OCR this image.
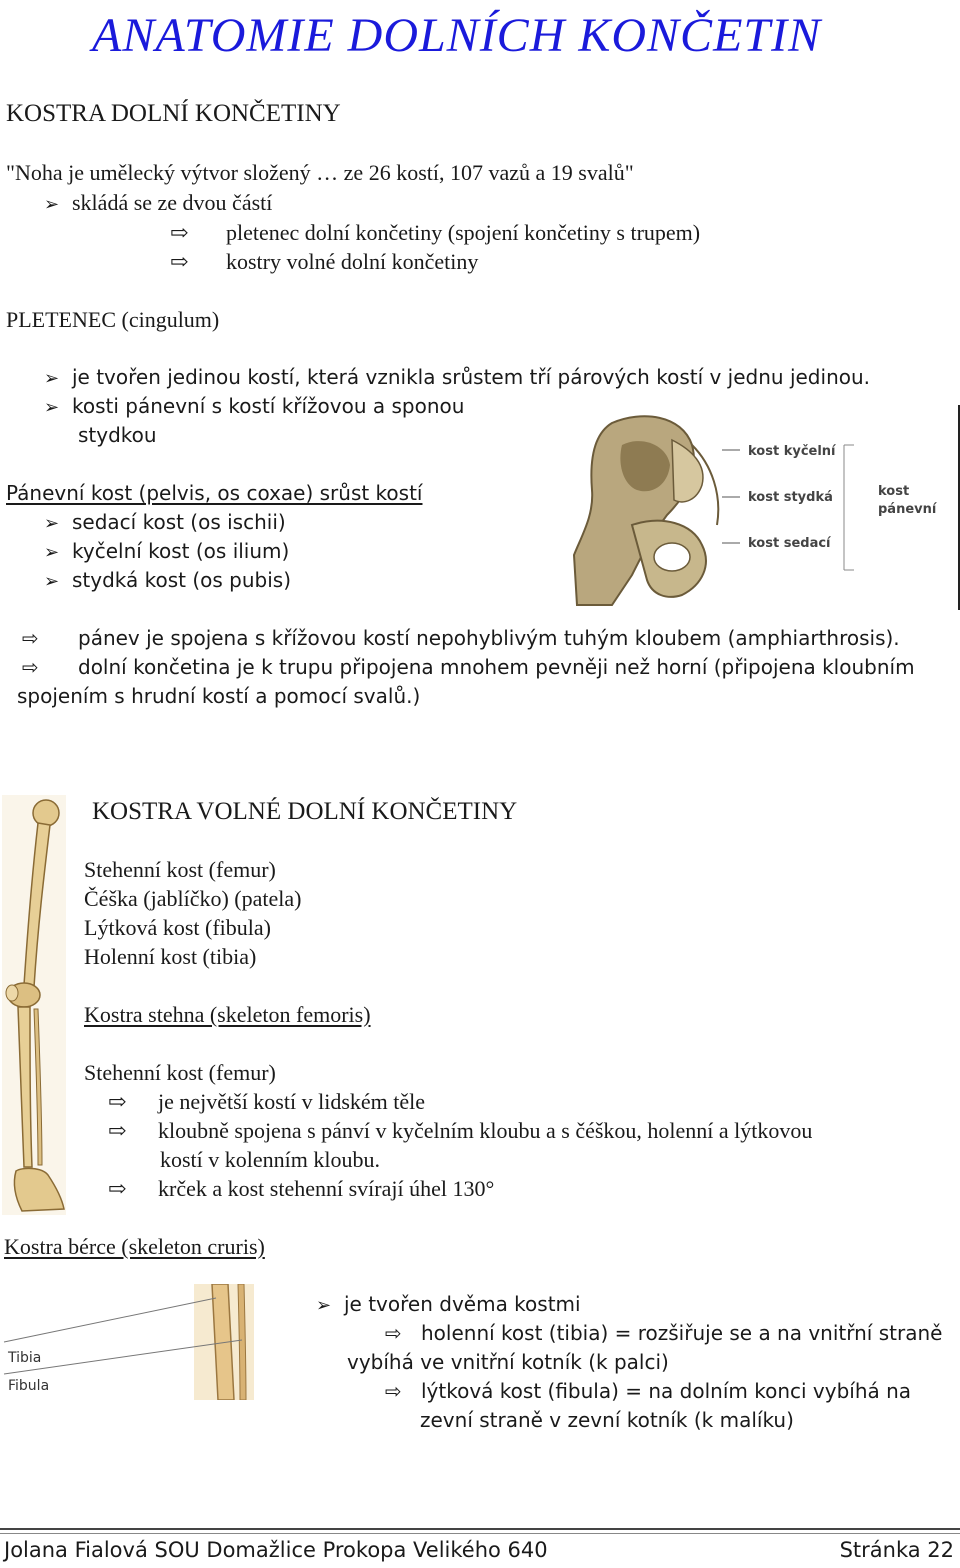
ANATOMIE DOLNÍCH KONČETIN
KOSTRA DOLNÍ KONČETINY
"Noha je umělecký výtvor složený … ze 26 kostí, 107 vazů a 19 svalů"
➢ skládá se ze dvou částí
⇨ pletenec dolní končetiny (spojení končetiny s trupem)
⇨ kostry volné dolní končetiny
PLETENEC (cingulum)
➢ je tvořen jedinou kostí, která vznikla srůstem tří párových kostí v jednu jedinou.
➢ kosti pánevní s kostí křížovou a sponou
stydkou
Pánevní kost (pelvis, os coxae) srůst kostí
➢ sedací kost (os ischii)
➢ kyčelní kost (os ilium)
➢ stydká kost (os pubis)
kost kyčelní
kost stydká
kost sedací
kost
pánevní
⇨ pánev je spojena s křížovou kostí nepohyblivým tuhým kloubem (amphiarthrosis).
⇨ dolní končetina je k trupu připojena mnohem pevněji než horní (připojena kloubním
spojením s hrudní kostí a pomocí svalů.)
KOSTRA VOLNÉ DOLNÍ KONČETINY
Stehenní kost (femur)
Čéška (jablíčko) (patela)
Lýtková kost (fibula)
Holenní kost (tibia)
Kostra stehna (skeleton femoris)
Stehenní kost (femur)
⇨ je největší kostí v lidském těle
⇨ kloubně spojena s pánví v kyčelním kloubu a s čéškou, holenní a lýtkovou
kostí v kolenním kloubu.
⇨ krček a kost stehenní svírají úhel 130°
Kostra bérce (skeleton cruris)
Tibia
Fibula
➢ je tvořen dvěma kostmi
⇨ holenní kost (tibia) = rozšiřuje se a na vnitřní straně
vybíhá ve vnitřní kotník (k palci)
⇨ lýtková kost (fibula) = na dolním konci vybíhá na
zevní straně v zevní kotník (k malíku)
Jolana Fialová SOU Domažlice Prokopa Velikého 640	Stránka 22
